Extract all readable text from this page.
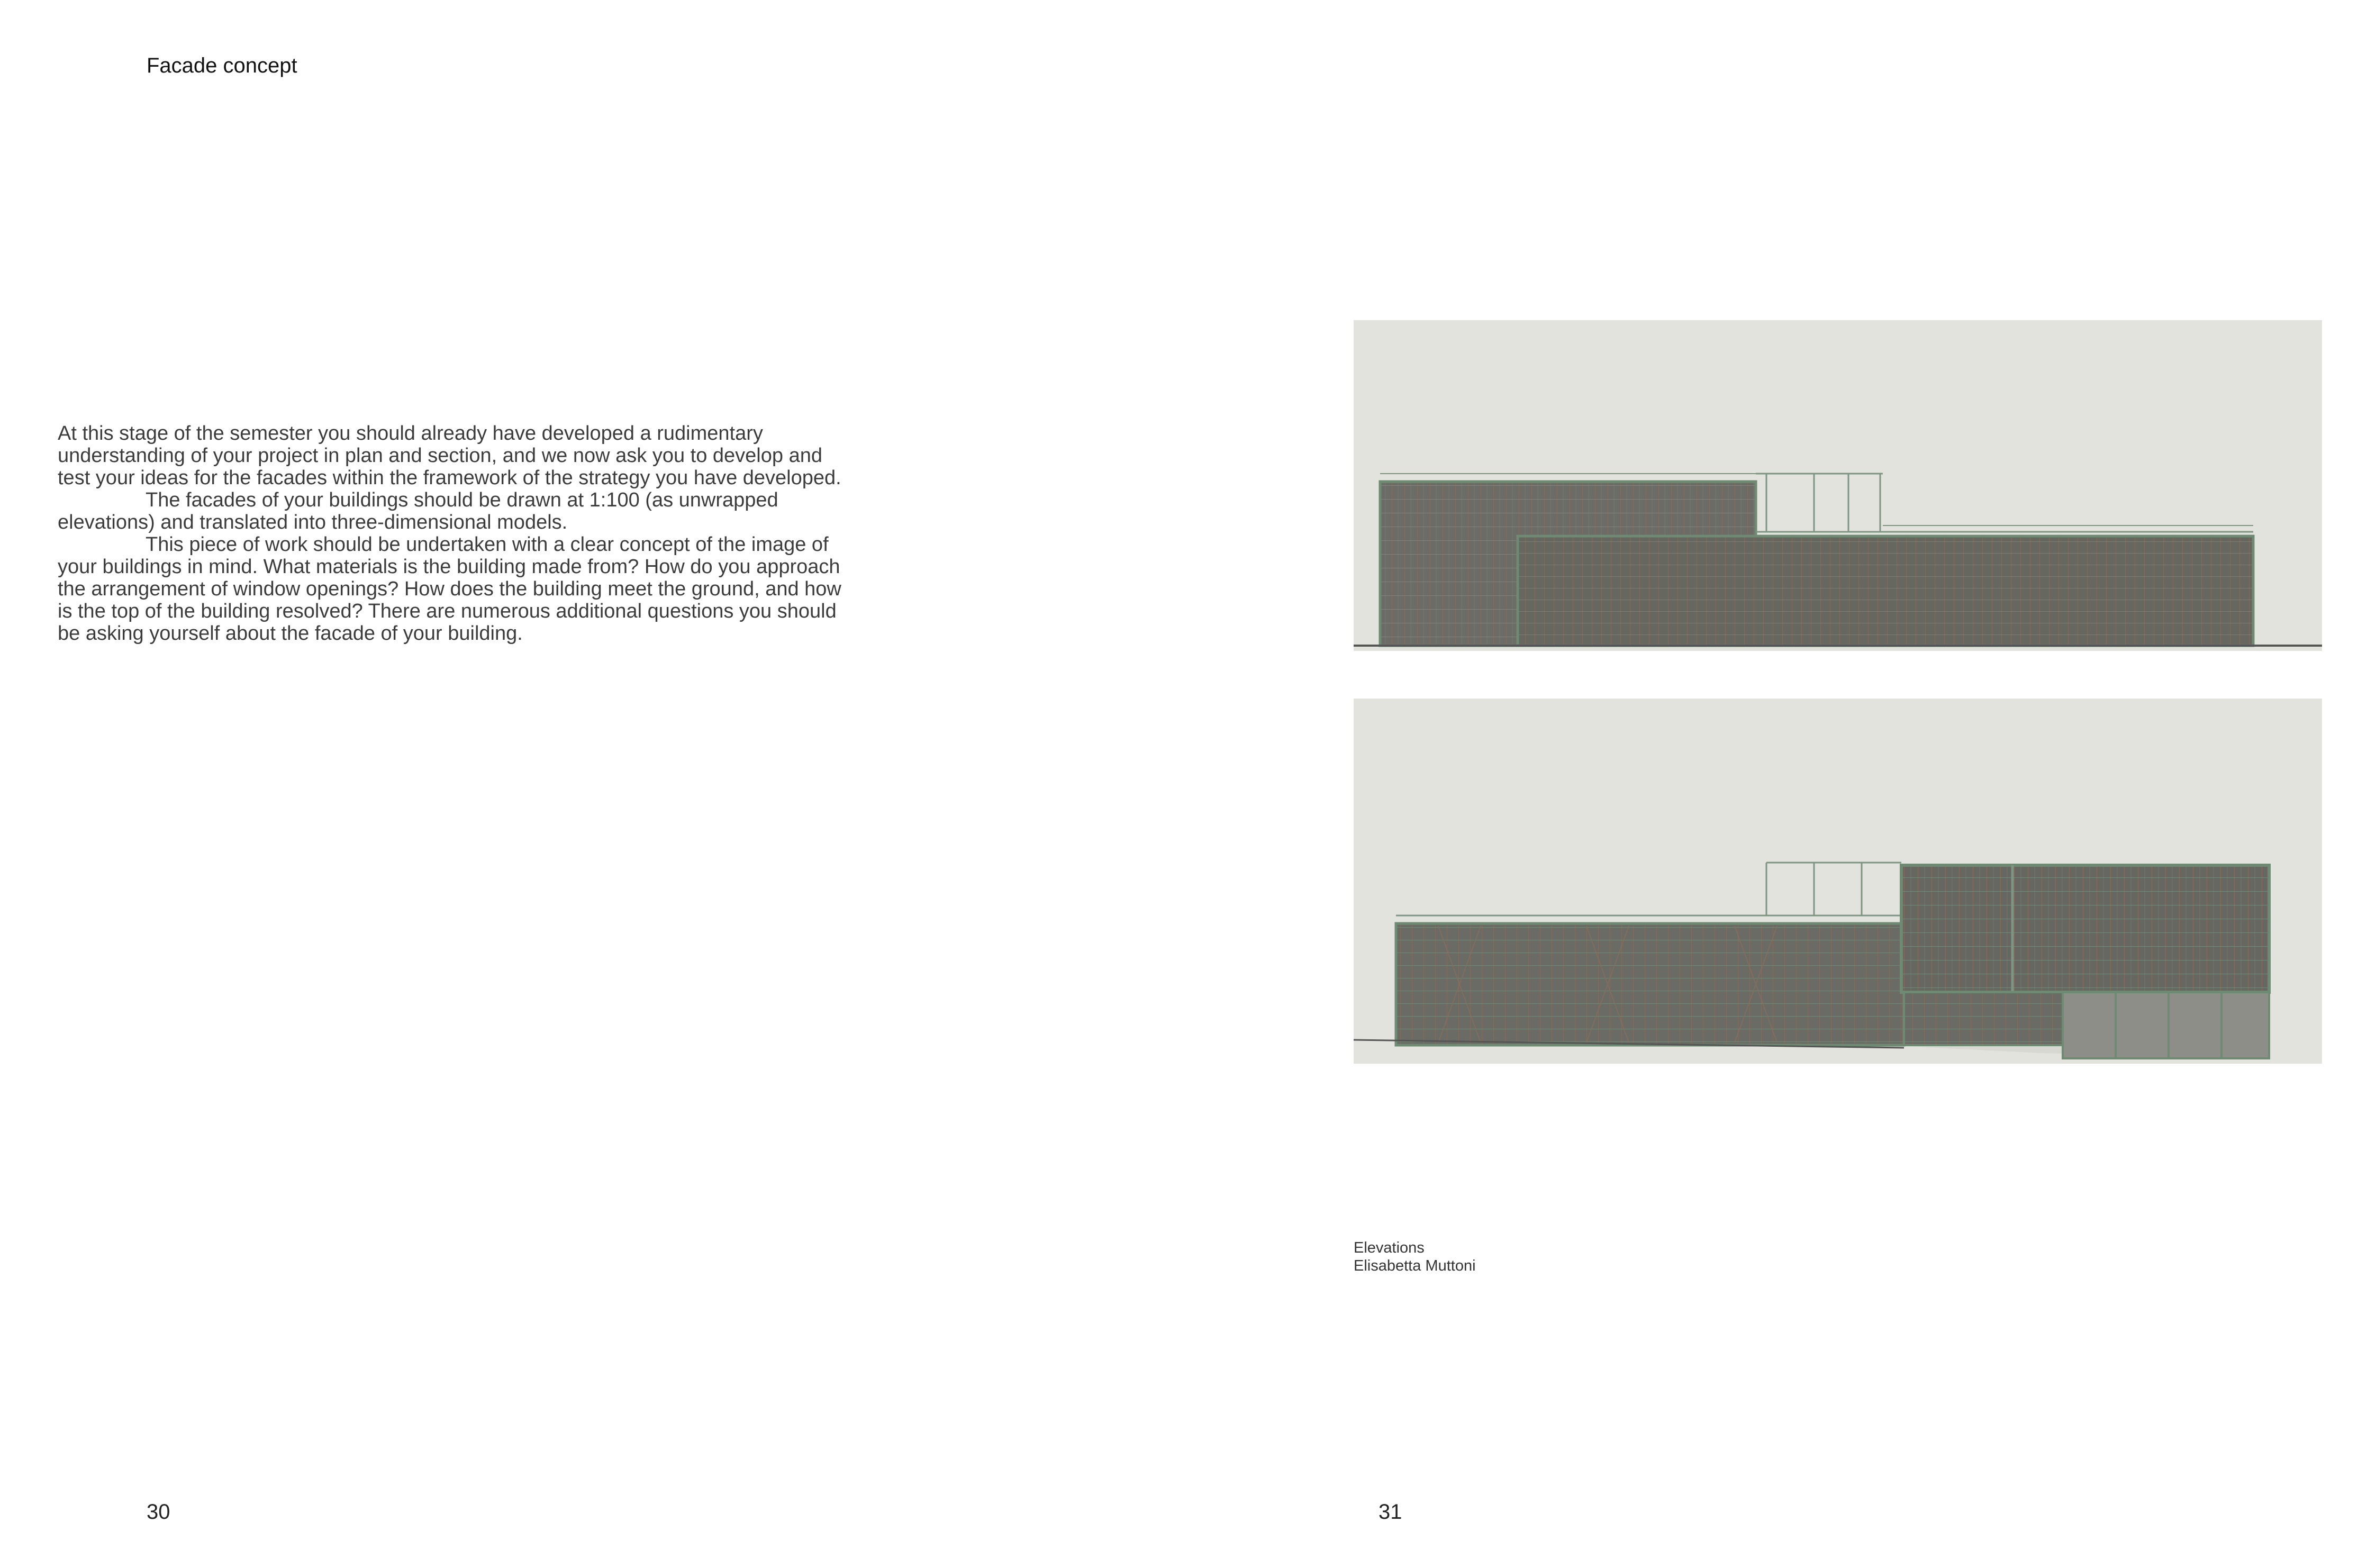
Facade concept

At this stage of the semester you should already have developed a rudimentary understanding of your project in plan and section, and we now ask you to develop and test your ideas for the facades within the framework of the strategy you have developed.

The facades of your buildings should be drawn at 1:100 (as unwrapped elevations) and translated into three-dimensional models.

This piece of work should be undertaken with a clear concept of the image of your buildings in mind. What materials is the building made from? How do you approach the arrangement of window openings? How does the building meet the ground, and how is the top of the building resolved? There are numerous additional questions you should be asking yourself about the facade of your building.

Elevations
Elisabetta Muttoni
30	31
